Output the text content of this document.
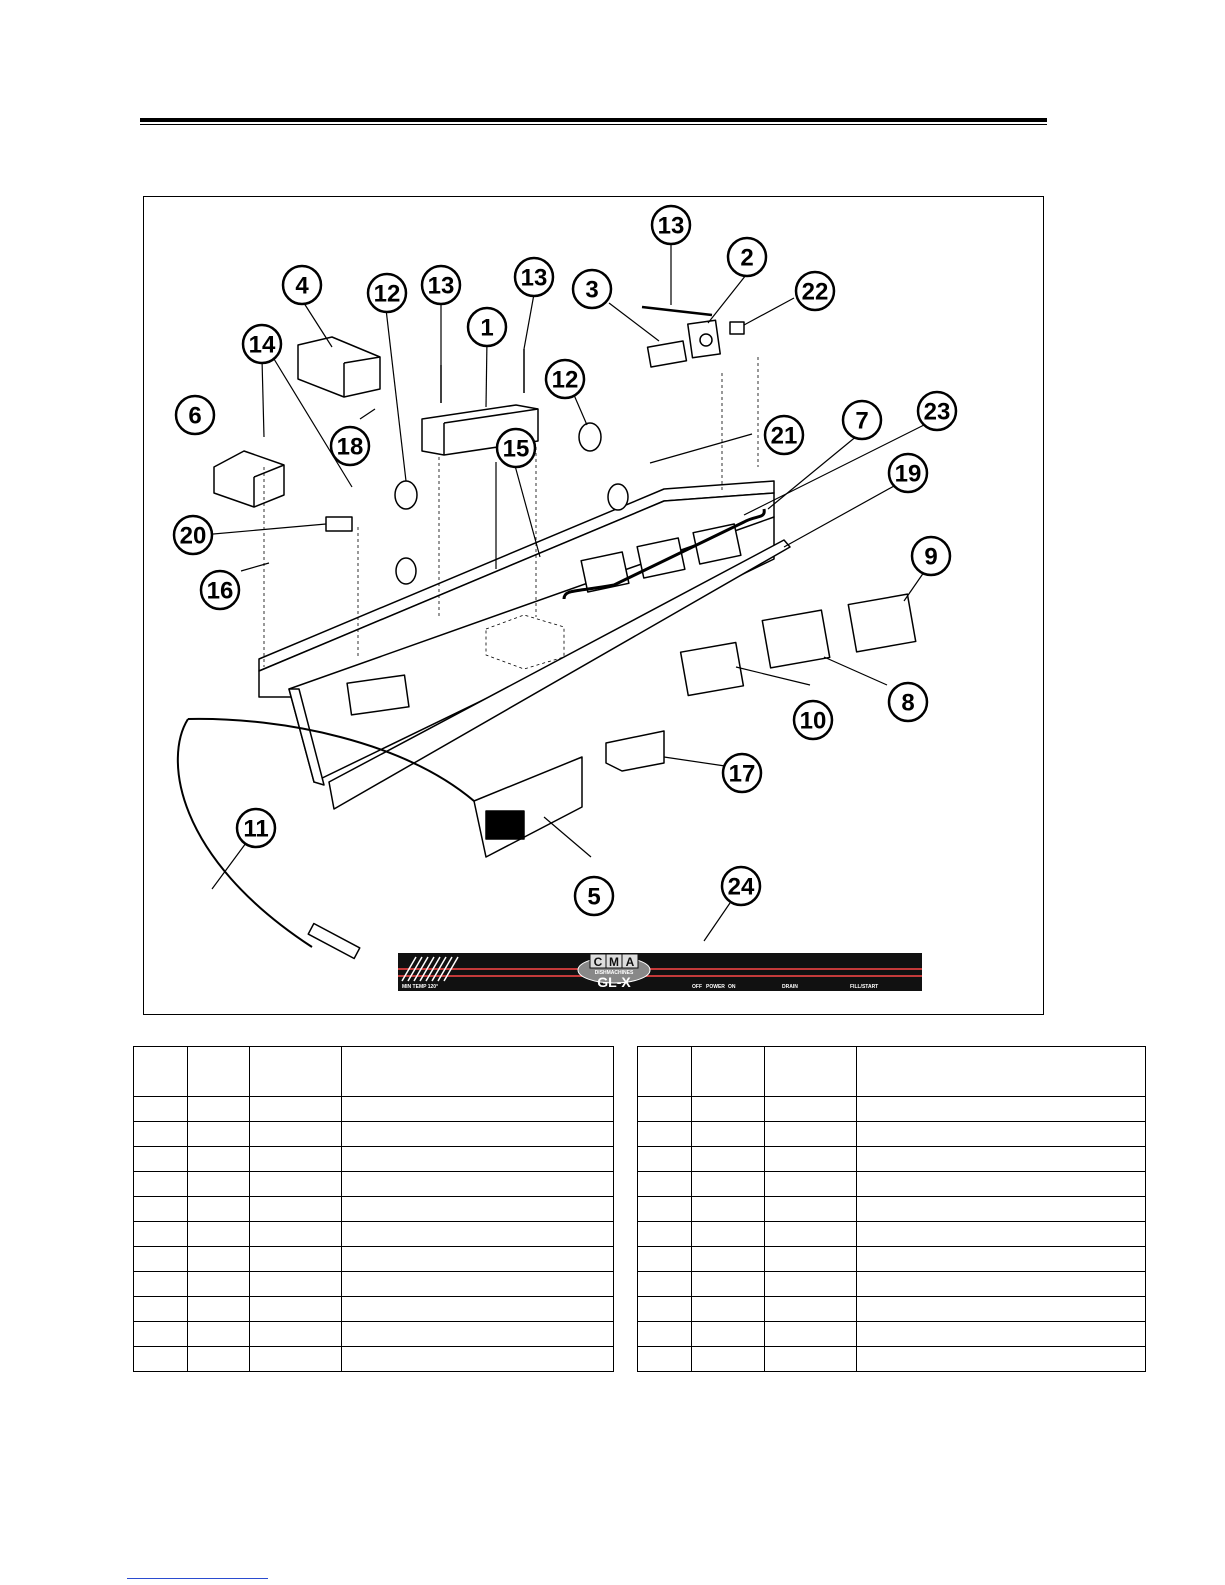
13
2
22
3
13
13
12
4
1
14
12
6
18	21
7 23
19
15
20
16
9
8
10
17
11
5	24
C M A
DISHMACHINES
GL-X
MIN TEMP 120°	OFF POWER ON	DRAIN	FILL/START
